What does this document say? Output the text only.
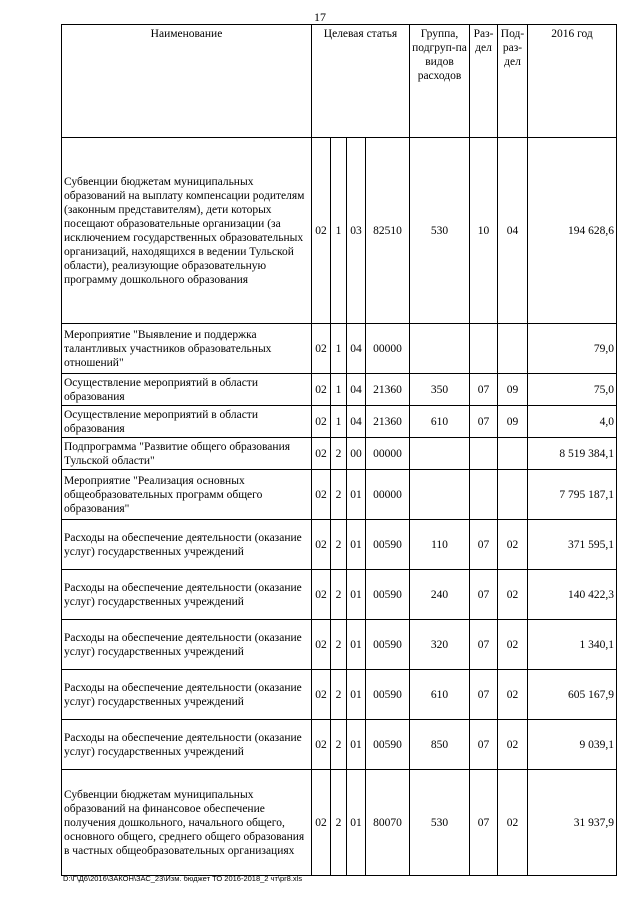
17
Наименование	Целевая статья				Группа, подгруп-па видов расходов	Раз-дел	Под-раз-дел	2016 год
Субвенции бюджетам муниципальных образований на выплату компенсации родителям (законным представителям), дети которых посещают образовательные организации (за исключением государственных образовательных организаций, находящихся в ведении Тульской области), реализующие образовательную программу дошкольного образования	02	1	03	82510	530	10	04	194 628,6
Мероприятие "Выявление и поддержка талантливых участников образовательных отношений"	02	1	04	00000				79,0
Осуществление мероприятий в области образования	02	1	04	21360	350	07	09	75,0
Осуществление мероприятий в области образования	02	1	04	21360	610	07	09	4,0
Подпрограмма "Развитие общего образования Тульской области"	02	2	00	00000				8 519 384,1
Мероприятие "Реализация основных общеобразовательных программ общего образования"	02	2	01	00000				7 795 187,1
Расходы на обеспечение деятельности (оказание услуг) государственных учреждений	02	2	01	00590	110	07	02	371 595,1
Расходы на обеспечение деятельности (оказание услуг) государственных учреждений	02	2	01	00590	240	07	02	140 422,3
Расходы на обеспечение деятельности (оказание услуг) государственных учреждений	02	2	01	00590	320	07	02	1 340,1
Расходы на обеспечение деятельности (оказание услуг) государственных учреждений	02	2	01	00590	610	07	02	605 167,9
Расходы на обеспечение деятельности (оказание услуг) государственных учреждений	02	2	01	00590	850	07	02	9 039,1
Субвенции бюджетам муниципальных образований на финансовое обеспечение получения дошкольного, начального общего, основного общего, среднего общего образования в частных общеобразовательных организациях	02	2	01	80070	530	07	02	31 937,9
D:\Г\Д6\2016\ЗАКОН\ЗАС_23\Изм. бюджет ТО 2016-2018_2 чт\pr8.xls
